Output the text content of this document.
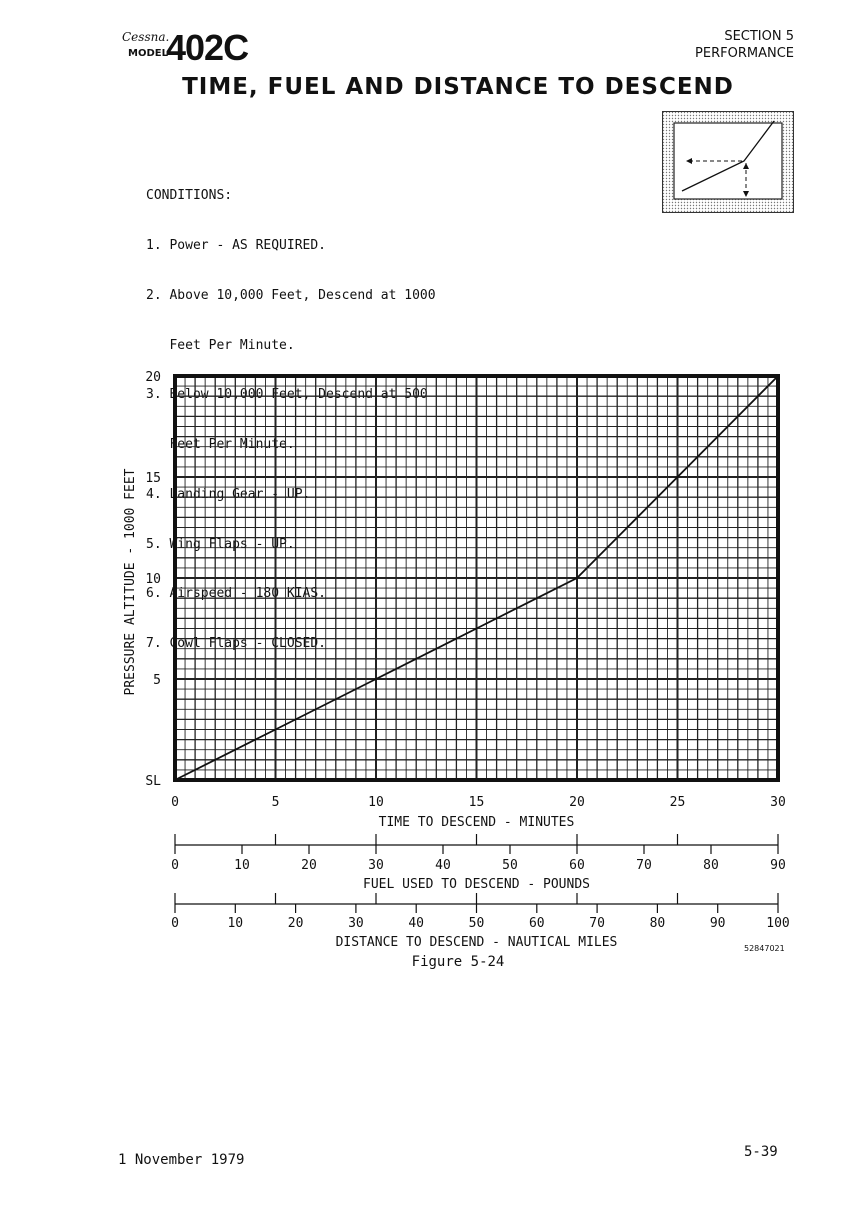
Cessna.
MODEL
402C	SECTION 5
PERFORMANCE
TIME, FUEL AND DISTANCE TO DESCEND

CONDITIONS:

1. Power - AS REQUIRED.

2. Above 10,000 Feet, Descend at 1000

Feet Per Minute.

3. Below 10,000 Feet, Descend at 500

Feet Per Minute.

4. Landing Gear - UP.

5. Wing Flaps - UP.

6. Airspeed - 180 KIAS.

7. Cowl Flaps - CLOSED.

SL
5
10
15
20
PRESSURE ALTITUDE - 1000 FEET
0	5	10	15	20	25	30
TIME TO DESCEND - MINUTES
0	10	20	30	40	50	60	70	80	90
FUEL USED TO DESCEND - POUNDS
0	10	20	30	40	50	60	70	80	90	100
DISTANCE TO DESCEND - NAUTICAL MILES
Figure 5-24
52847021
1 November 1979	5-39
